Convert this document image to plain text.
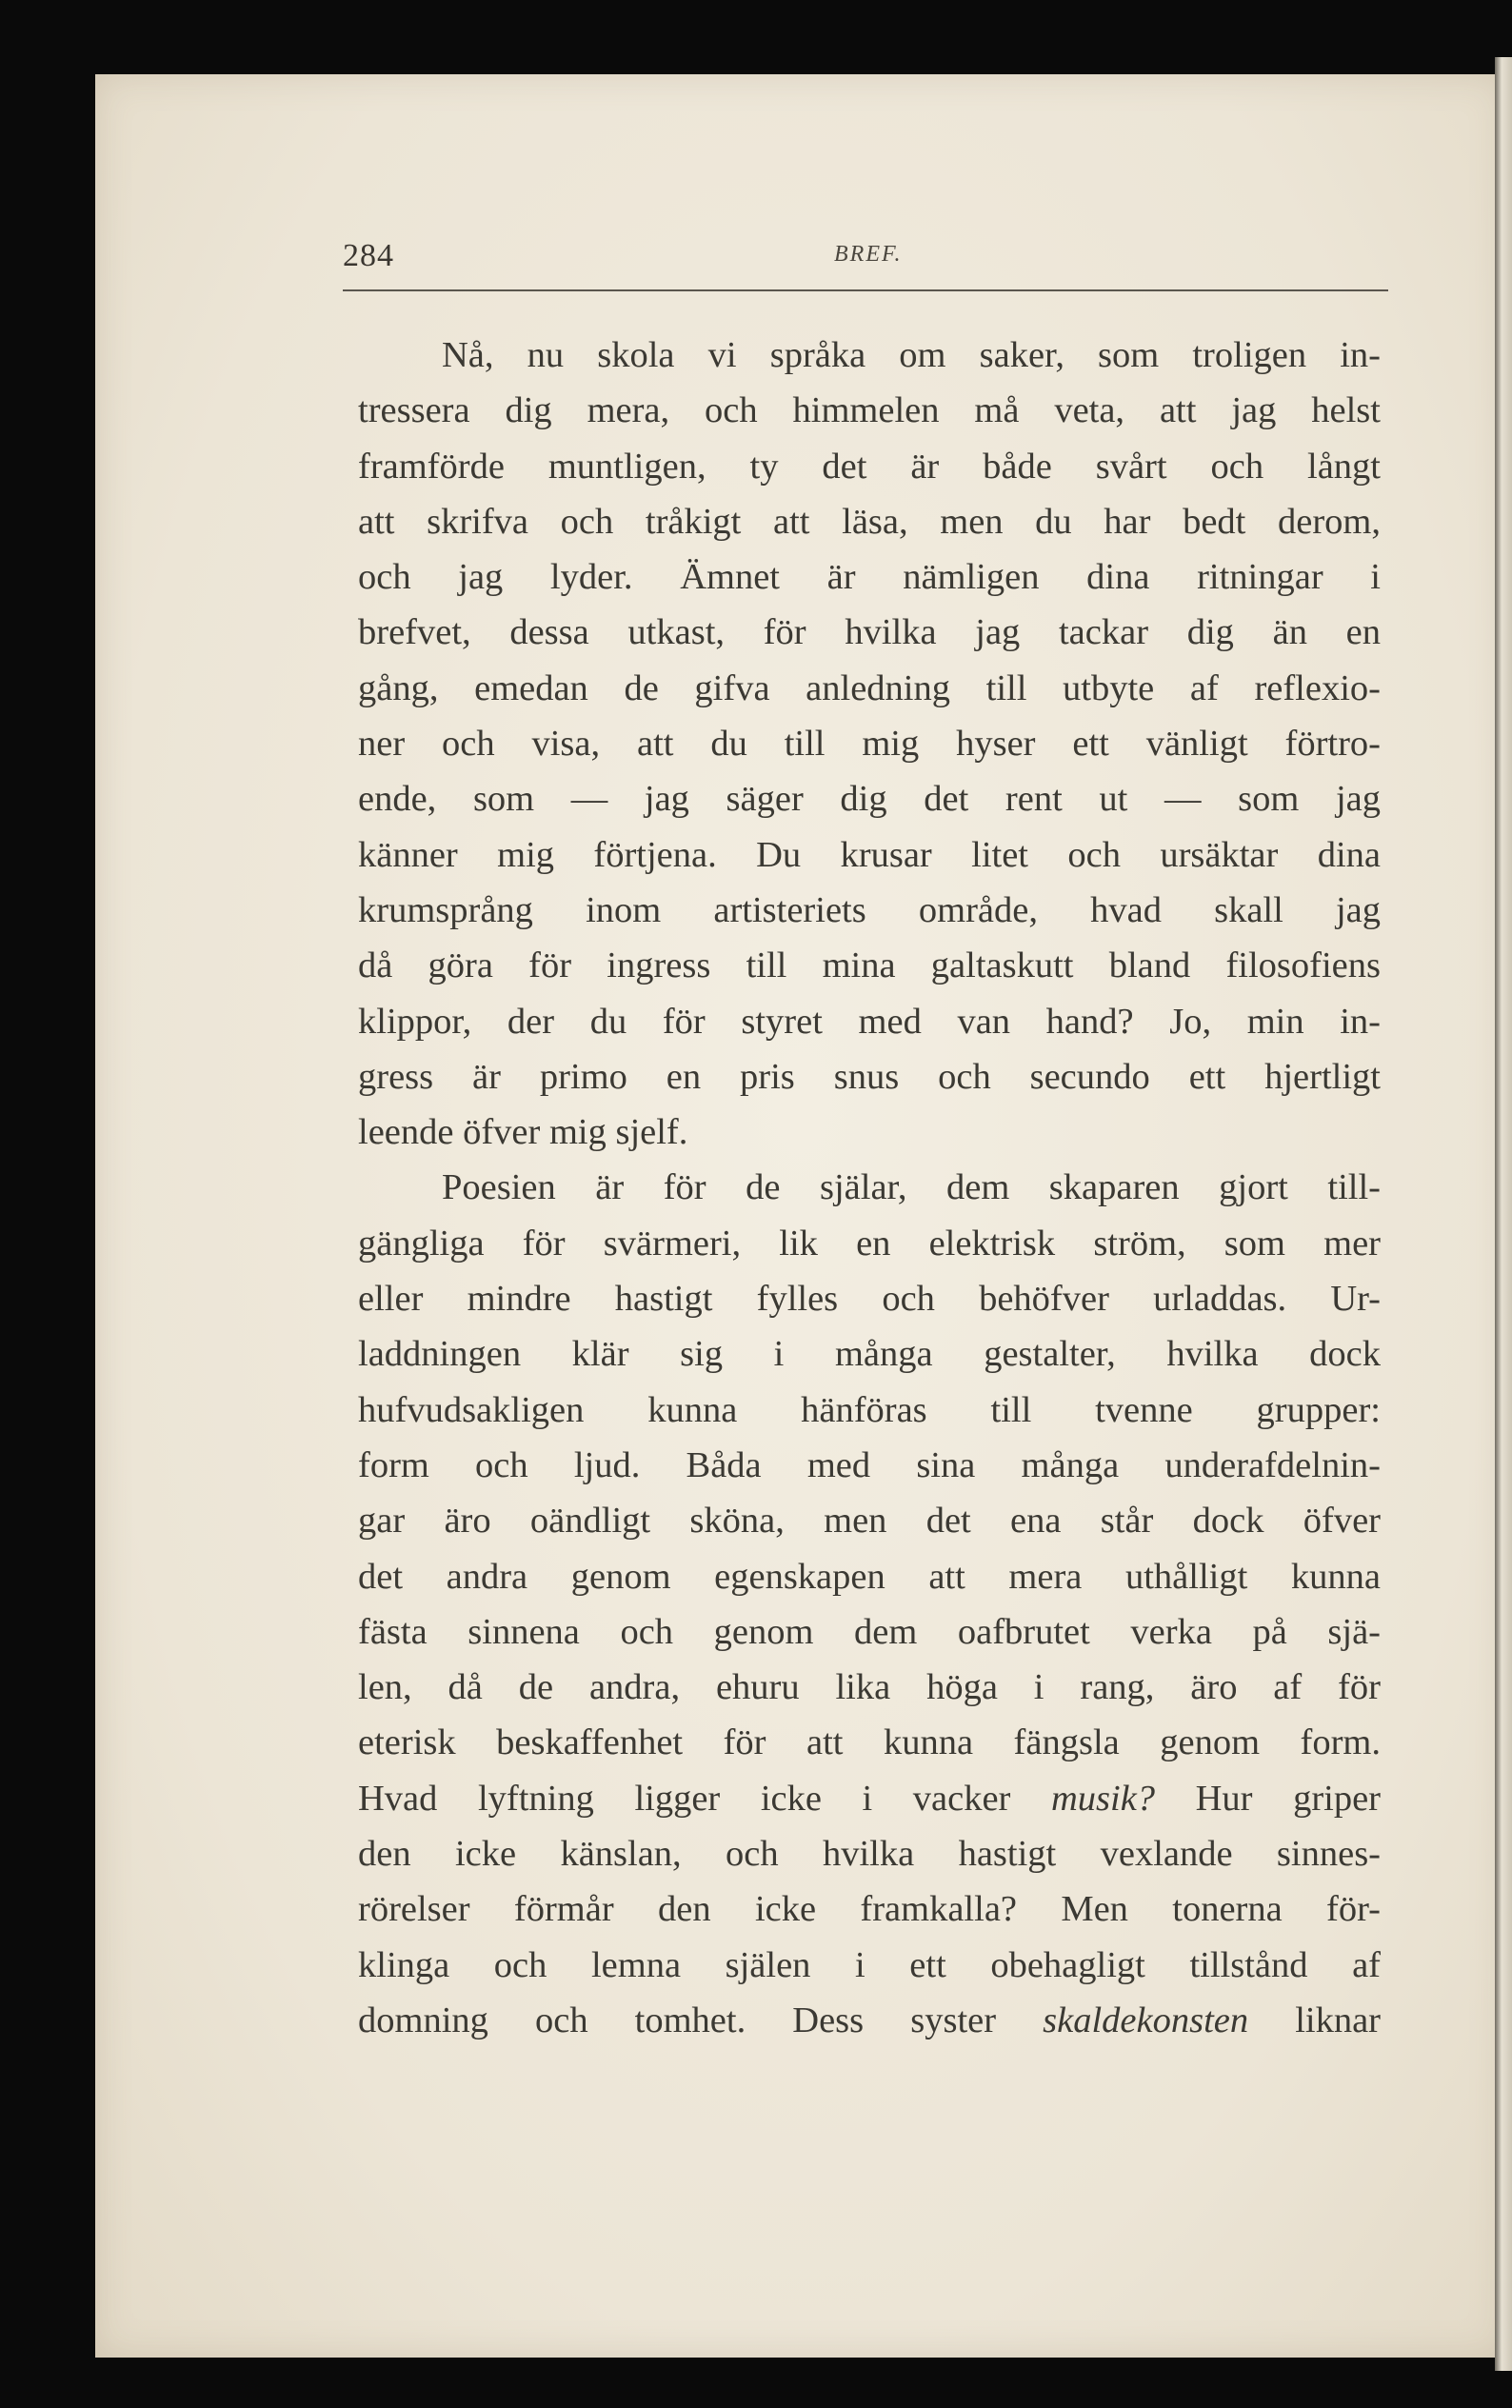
284	BREF.
Nå, nu skola vi språka om saker, som troligen in-
tressera dig mera, och himmelen må veta, att jag helst
framförde muntligen, ty det är både svårt och långt
att skrifva och tråkigt att läsa, men du har bedt derom,
och jag lyder. Ämnet är nämligen dina ritningar i
brefvet, dessa utkast, för hvilka jag tackar dig än en
gång, emedan de gifva anledning till utbyte af reflexio-
ner och visa, att du till mig hyser ett vänligt förtro-
ende, som — jag säger dig det rent ut — som jag
känner mig förtjena. Du krusar litet och ursäktar dina
krumsprång inom artisteriets område, hvad skall jag
då göra för ingress till mina galtaskutt bland filosofiens
klippor, der du för styret med van hand? Jo, min in-
gress är primo en pris snus och secundo ett hjertligt
leende öfver mig sjelf.
Poesien är för de själar, dem skaparen gjort till-
gängliga för svärmeri, lik en elektrisk ström, som mer
eller mindre hastigt fylles och behöfver urladdas. Ur-
laddningen klär sig i många gestalter, hvilka dock
hufvudsakligen kunna hänföras till tvenne grupper:
form och ljud. Båda med sina många underafdelnin-
gar äro oändligt sköna, men det ena står dock öfver
det andra genom egenskapen att mera uthålligt kunna
fästa sinnena och genom dem oafbrutet verka på sjä-
len, då de andra, ehuru lika höga i rang, äro af för
eterisk beskaffenhet för att kunna fängsla genom form.
Hvad lyftning ligger icke i vacker musik? Hur griper
den icke känslan, och hvilka hastigt vexlande sinnes-
rörelser förmår den icke framkalla? Men tonerna för-
klinga och lemna själen i ett obehagligt tillstånd af
domning och tomhet. Dess syster skaldekonsten liknar
